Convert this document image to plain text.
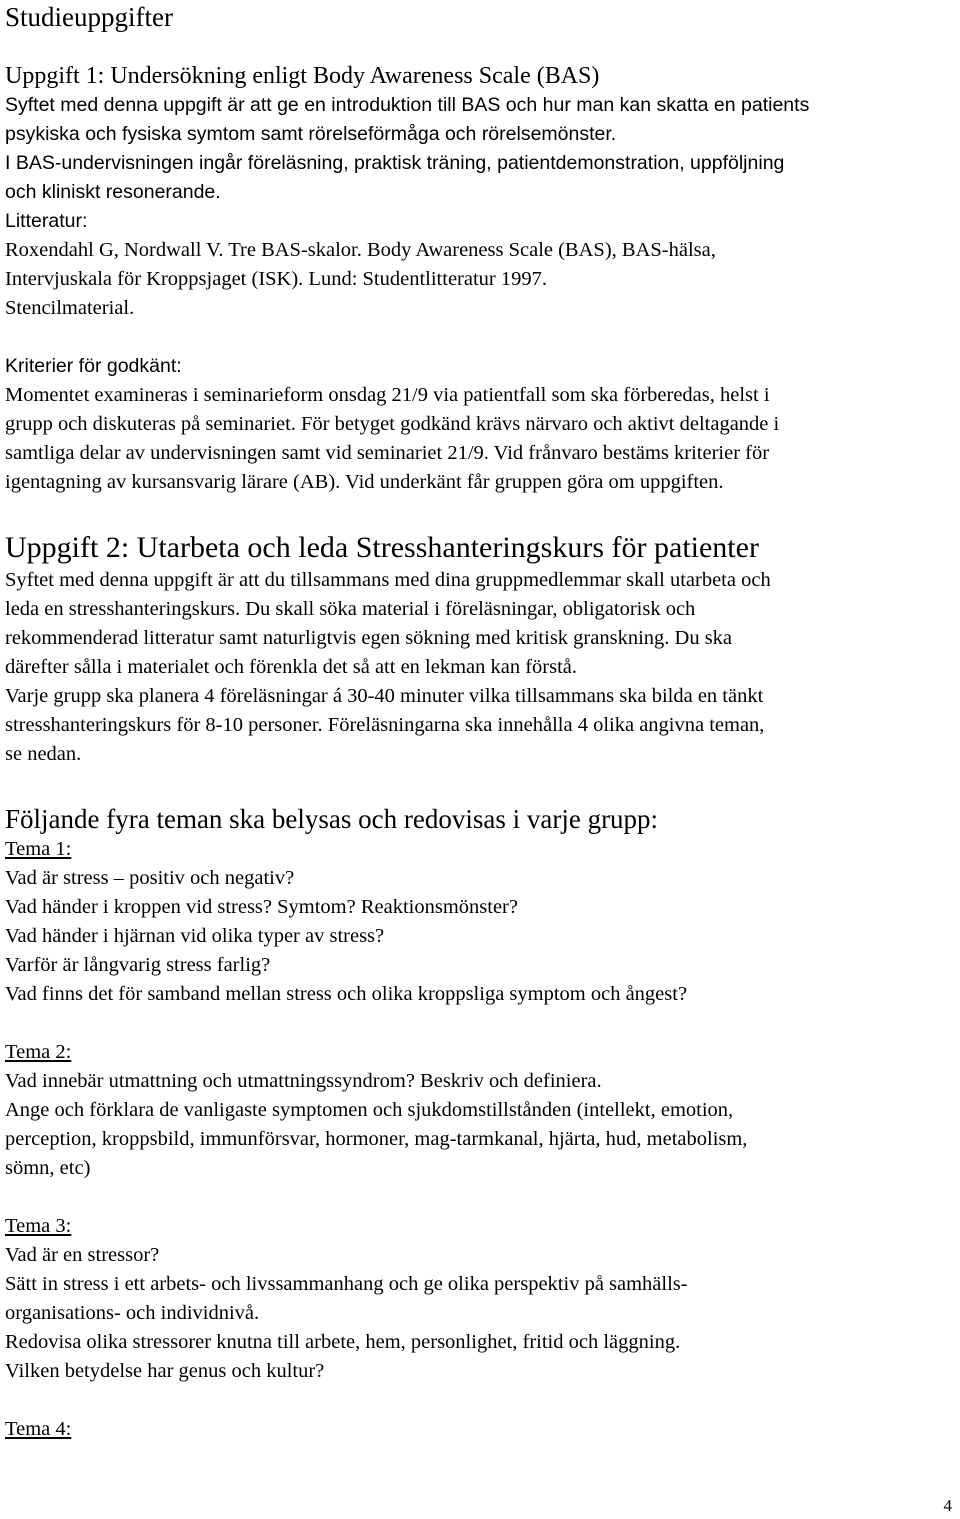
Studieuppgifter
Uppgift 1: Undersökning enligt Body Awareness Scale (BAS)

Syftet med denna uppgift är att ge en introduktion till BAS och hur man kan skatta en patients

psykiska och fysiska symtom samt rörelseförmåga och rörelsemönster.

I BAS-undervisningen ingår föreläsning, praktisk träning, patientdemonstration, uppföljning

och kliniskt resonerande.

Litteratur:

Roxendahl G, Nordwall V. Tre BAS-skalor. Body Awareness Scale (BAS), BAS-hälsa,

Intervjuskala för Kroppsjaget (ISK). Lund: Studentlitteratur 1997.

Stencilmaterial.

Kriterier för godkänt:

Momentet examineras i seminarieform onsdag 21/9 via patientfall som ska förberedas, helst i

grupp och diskuteras på seminariet. För betyget godkänd krävs närvaro och aktivt deltagande i

samtliga delar av undervisningen samt vid seminariet 21/9. Vid frånvaro bestäms kriterier för

igentagning av kursansvarig lärare (AB). Vid underkänt får gruppen göra om uppgiften.

Uppgift 2: Utarbeta och leda Stresshanteringskurs för patienter

Syftet med denna uppgift är att du tillsammans med dina gruppmedlemmar skall utarbeta och

leda en stresshanteringskurs. Du skall söka material i föreläsningar, obligatorisk och

rekommenderad litteratur samt naturligtvis egen sökning med kritisk granskning. Du ska

därefter sålla i materialet och förenkla det så att en lekman kan förstå.

Varje grupp ska planera 4 föreläsningar á 30-40 minuter vilka tillsammans ska bilda en tänkt

stresshanteringskurs för 8-10 personer. Föreläsningarna ska innehålla 4 olika angivna teman,

se nedan.

Följande fyra teman ska belysas och redovisas i varje grupp:

Tema 1:

Vad är stress – positiv och negativ?

Vad händer i kroppen vid stress? Symtom? Reaktionsmönster?

Vad händer i hjärnan vid olika typer av stress?

Varför är långvarig stress farlig?

Vad finns det för samband mellan stress och olika kroppsliga symptom och ångest?

Tema 2:

Vad innebär utmattning och utmattningssyndrom? Beskriv och definiera.

Ange och förklara de vanligaste symptomen och sjukdomstillstånden (intellekt, emotion,

perception, kroppsbild, immunförsvar, hormoner, mag-tarmkanal, hjärta, hud, metabolism,

sömn, etc)

Tema 3:

Vad är en stressor?

Sätt in stress i ett arbets- och livssammanhang och ge olika perspektiv på samhälls-

organisations- och individnivå.

Redovisa olika stressorer knutna till arbete, hem, personlighet, fritid och läggning.

Vilken betydelse har genus och kultur?

Tema 4:

4
